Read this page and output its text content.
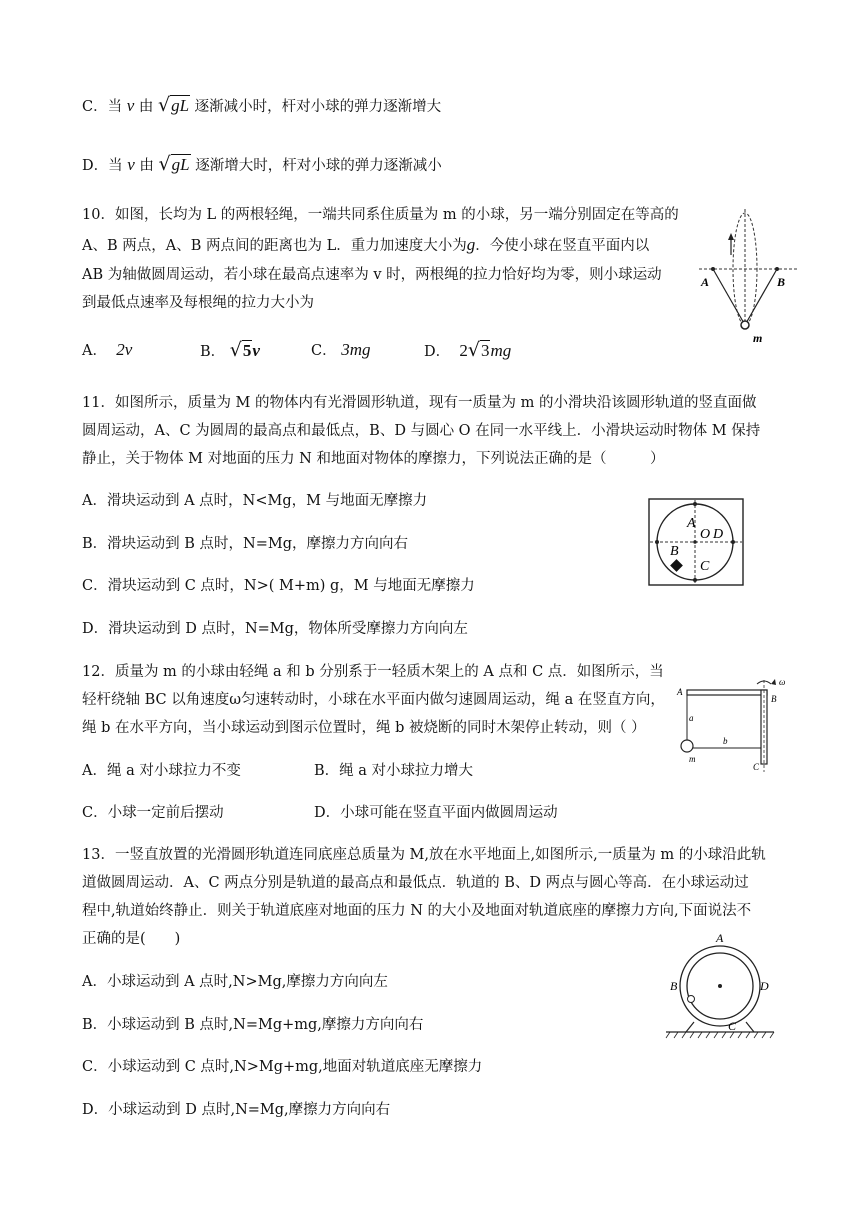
C．当 v 由 √gL 逐渐减小时，杆对小球的弹力逐渐增大
D．当 v 由 √gL 逐渐增大时，杆对小球的弹力逐渐减小
10．如图，长均为 L 的两根轻绳，一端共同系住质量为 m 的小球，另一端分别固定在等高的
A、B 两点，A、B 两点间的距离也为 L．重力加速度大小为g．今使小球在竖直平面内以
AB 为轴做圆周运动，若小球在最高点速率为 v 时，两根绳的拉力恰好均为零，则小球运动
到最低点速率及每根绳的拉力大小为
A． 2v	B． √5v	C． 3mg	D． 2√3mg
A	B
m
11．如图所示，质量为 M 的物体内有光滑圆形轨道，现有一质量为 m 的小滑块沿该圆形轨道的竖直面做
圆周运动，A、C 为圆周的最高点和最低点，B、D 与圆心 O 在同一水平线上．小滑块运动时物体 M 保持
静止，关于物体 M 对地面的压力 N 和地面对物体的摩擦力，下列说法正确的是（　　　）
A．滑块运动到 A 点时，N<Mg，M 与地面无摩擦力
B．滑块运动到 B 点时，N=Mg，摩擦力方向向右
C．滑块运动到 C 点时，N>( M+m) g，M 与地面无摩擦力
D．滑块运动到 D 点时，N=Mg，物体所受摩擦力方向向左
A
O D
B
C
12．质量为 m 的小球由轻绳 a 和 b 分别系于一轻质木架上的 A 点和 C 点．如图所示，当
轻杆绕轴 BC 以角速度ω匀速转动时，小球在水平面内做匀速圆周运动，绳 a 在竖直方向，
绳 b 在水平方向，当小球运动到图示位置时，绳 b 被烧断的同时木架停止转动，则（ ）
A．绳 a 对小球拉力不变	B．绳 a 对小球拉力增大
C．小球一定前后摆动	D．小球可能在竖直平面内做圆周运动
A
B
C
a
b
m
ω
13．一竖直放置的光滑圆形轨道连同底座总质量为 M,放在水平地面上,如图所示,一质量为 m 的小球沿此轨
道做圆周运动．A、C 两点分别是轨道的最高点和最低点．轨道的 B、D 两点与圆心等高．在小球运动过
程中,轨道始终静止．则关于轨道底座对地面的压力 N 的大小及地面对轨道底座的摩擦力方向,下面说法不
正确的是(　　)
A．小球运动到 A 点时,N>Mg,摩擦力方向向左
B．小球运动到 B 点时,N=Mg+mg,摩擦力方向向右
C．小球运动到 C 点时,N>Mg+mg,地面对轨道底座无摩擦力
D．小球运动到 D 点时,N=Mg,摩擦力方向向右
A
B	D
C
